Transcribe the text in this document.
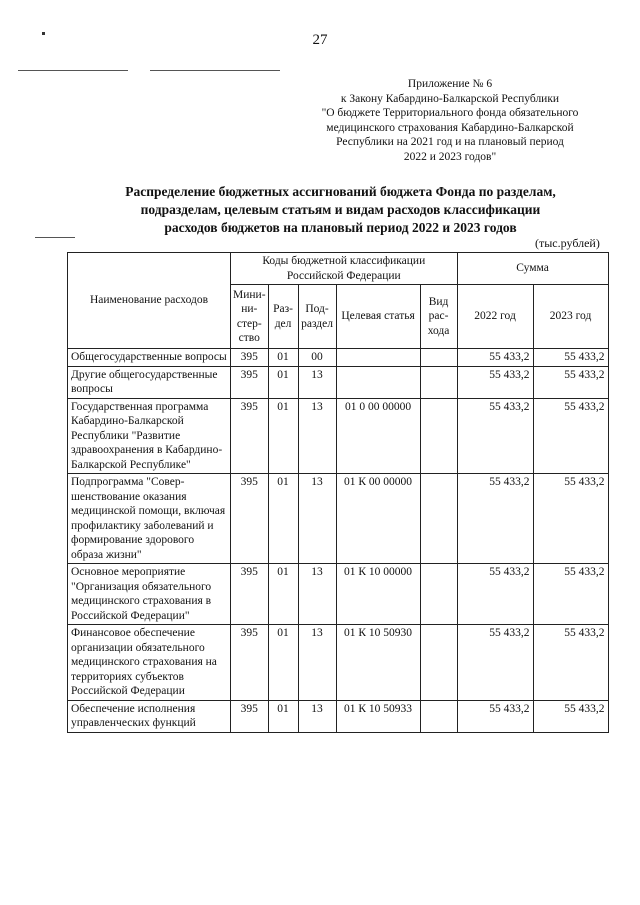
27
Приложение № 6
к Закону Кабардино-Балкарской Республики
"О бюджете Территориального фонда обязательного
медицинского страхования Кабардино-Балкарской
Республики на 2021 год и на плановый период
2022 и 2023 годов"
Распределение бюджетных ассигнований бюджета Фонда по разделам,
подразделам, целевым статьям и видам расходов классификации
расходов бюджетов на плановый период 2022 и 2023 годов
(тыс.рублей)
Наименование расходов	Коды бюджетной классификации Российской Федерации					Сумма	
	Мининистерство	Раздел	Подраздел	Целевая статья	Вид расхода	2022 год	2023 год
Общегосударственные вопросы	395	01	00			55 433,2	55 433,2
Другие общегосударственные вопросы	395	01	13			55 433,2	55 433,2
Государственная программа Кабардино-Балкарской Республики "Развитие здравоохранения в Кабардино-Балкарской Республике"	395	01	13	01 0 00 00000		55 433,2	55 433,2
Подпрограмма "Совершенствование оказания медицинской помощи, включая профилактику заболеваний и формирование здорового образа жизни"	395	01	13	01 К 00 00000		55 433,2	55 433,2
Основное мероприятие "Организация обязательного медицинского страхования в Российской Федерации"	395	01	13	01 К 10 00000		55 433,2	55 433,2
Финансовое обеспечение организации обязательного медицинского страхования на территориях субъектов Российской Федерации	395	01	13	01 К 10 50930		55 433,2	55 433,2
Обеспечение исполнения управленческих функций	395	01	13	01 К 10 50933		55 433,2	55 433,2
